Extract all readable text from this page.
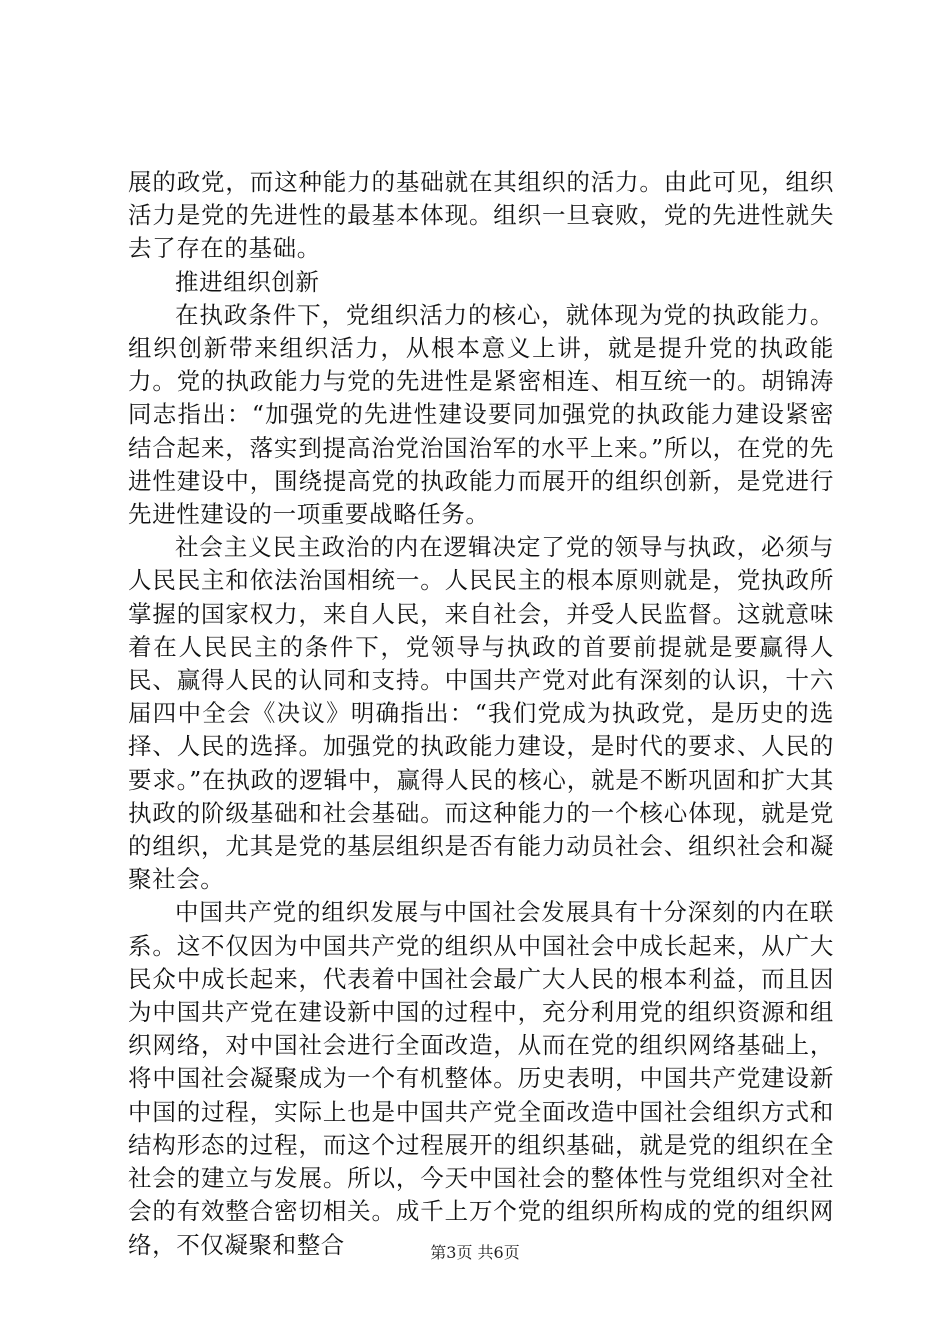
展的政党，而这种能力的基础就在其组织的活力。由此可见，组织活力是党的先进性的最基本体现。组织一旦衰败，党的先进性就失去了存在的基础。

推进组织创新

在执政条件下，党组织活力的核心，就体现为党的执政能力。组织创新带来组织活力，从根本意义上讲，就是提升党的执政能力。党的执政能力与党的先进性是紧密相连、相互统一的。胡锦涛同志指出：“加强党的先进性建设要同加强党的执政能力建设紧密结合起来，落实到提高治党治国治军的水平上来。”所以，在党的先进性建设中，围绕提高党的执政能力而展开的组织创新，是党进行先进性建设的一项重要战略任务。

社会主义民主政治的内在逻辑决定了党的领导与执政，必须与人民民主和依法治国相统一。人民民主的根本原则就是，党执政所掌握的国家权力，来自人民，来自社会，并受人民监督。这就意味着在人民民主的条件下，党领导与执政的首要前提就是要赢得人民、赢得人民的认同和支持。中国共产党对此有深刻的认识，十六届四中全会《决议》明确指出：“我们党成为执政党，是历史的选择、人民的选择。加强党的执政能力建设，是时代的要求、人民的要求。”在执政的逻辑中，赢得人民的核心，就是不断巩固和扩大其执政的阶级基础和社会基础。而这种能力的一个核心体现，就是党的组织，尤其是党的基层组织是否有能力动员社会、组织社会和凝聚社会。

中国共产党的组织发展与中国社会发展具有十分深刻的内在联系。这不仅因为中国共产党的组织从中国社会中成长起来，从广大民众中成长起来，代表着中国社会最广大人民的根本利益，而且因为中国共产党在建设新中国的过程中，充分利用党的组织资源和组织网络，对中国社会进行全面改造，从而在党的组织网络基础上，将中国社会凝聚成为一个有机整体。历史表明，中国共产党建设新中国的过程，实际上也是中国共产党全面改造中国社会组织方式和结构形态的过程，而这个过程展开的组织基础，就是党的组织在全社会的建立与发展。所以，今天中国社会的整体性与党组织对全社会的有效整合密切相关。成千上万个党的组织所构成的党的组织网络，不仅凝聚和整合	第3页 共6页
